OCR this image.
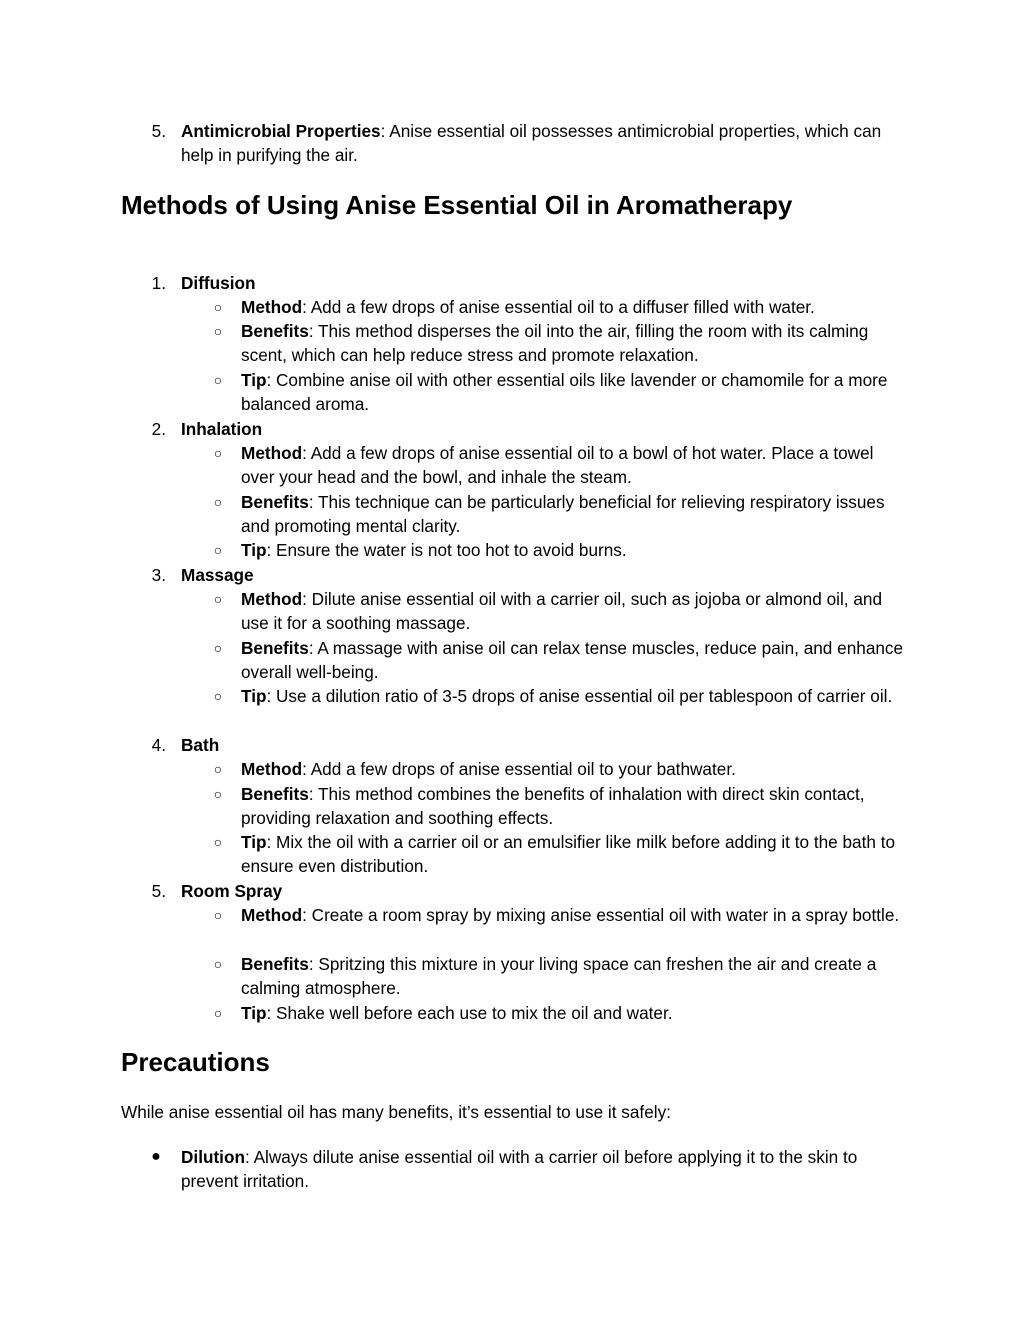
5. Antimicrobial Properties: Anise essential oil possesses antimicrobial properties, which can help in purifying the air.
Methods of Using Anise Essential Oil in Aromatherapy
1. Diffusion
○ Method: Add a few drops of anise essential oil to a diffuser filled with water.
○ Benefits: This method disperses the oil into the air, filling the room with its calming scent, which can help reduce stress and promote relaxation.
○ Tip: Combine anise oil with other essential oils like lavender or chamomile for a more balanced aroma.
2. Inhalation
○ Method: Add a few drops of anise essential oil to a bowl of hot water. Place a towel over your head and the bowl, and inhale the steam.
○ Benefits: This technique can be particularly beneficial for relieving respiratory issues and promoting mental clarity.
○ Tip: Ensure the water is not too hot to avoid burns.
3. Massage
○ Method: Dilute anise essential oil with a carrier oil, such as jojoba or almond oil, and use it for a soothing massage.
○ Benefits: A massage with anise oil can relax tense muscles, reduce pain, and enhance overall well-being.
○ Tip: Use a dilution ratio of 3-5 drops of anise essential oil per tablespoon of carrier oil.
4. Bath
○ Method: Add a few drops of anise essential oil to your bathwater.
○ Benefits: This method combines the benefits of inhalation with direct skin contact, providing relaxation and soothing effects.
○ Tip: Mix the oil with a carrier oil or an emulsifier like milk before adding it to the bath to ensure even distribution.
5. Room Spray
○ Method: Create a room spray by mixing anise essential oil with water in a spray bottle.
○ Benefits: Spritzing this mixture in your living space can freshen the air and create a calming atmosphere.
○ Tip: Shake well before each use to mix the oil and water.
Precautions
While anise essential oil has many benefits, it’s essential to use it safely:
● Dilution: Always dilute anise essential oil with a carrier oil before applying it to the skin to prevent irritation.
